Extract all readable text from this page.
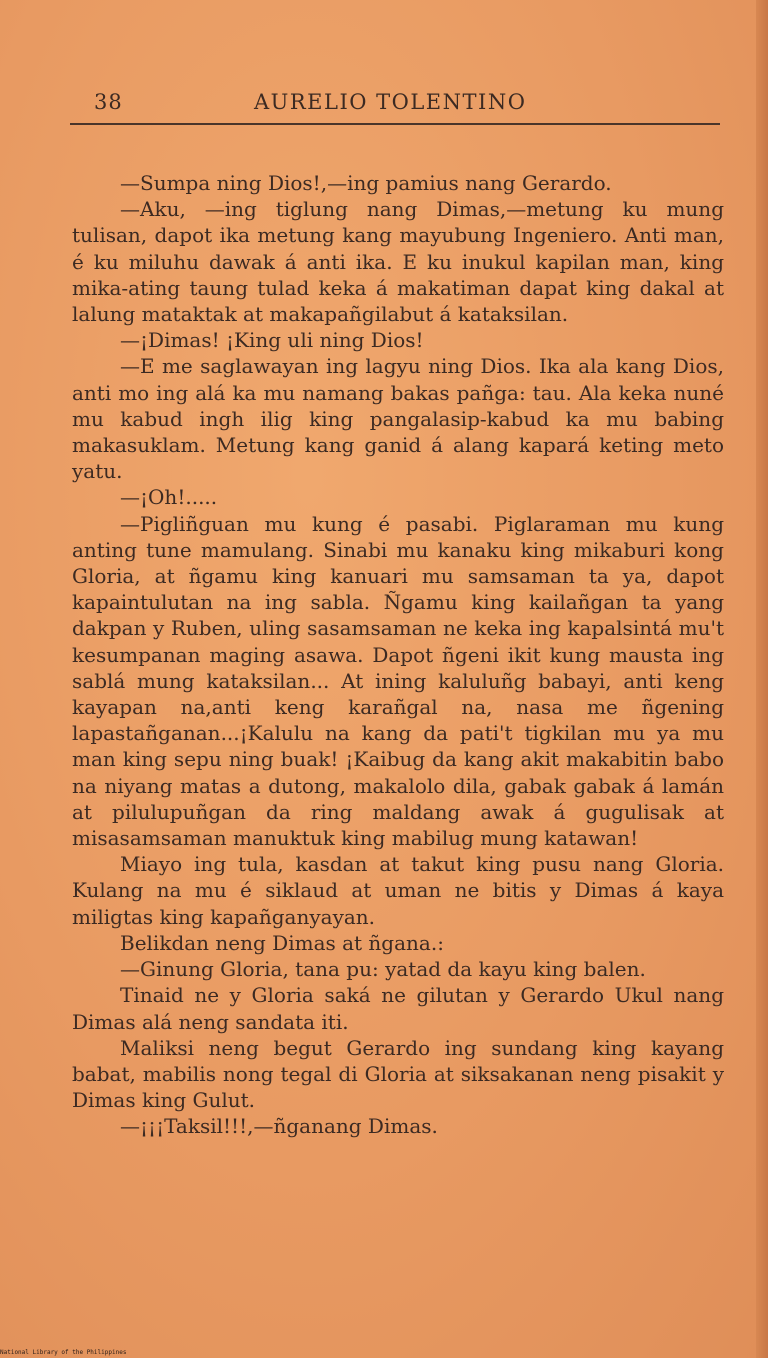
38	AURELIO TOLENTINO

—Sumpa ning Dios!,—ing pamius nang Gerardo.

—Aku, —ing tiglung nang Dimas,—metung ku mung tulisan, dapot ika metung kang mayubung Ingeniero. Anti man, é ku miluhu dawak á anti ika. E ku inukul kapilan man, king mika-ating taung tulad keka á makatiman dapat king dakal at lalung mataktak at makapañgilabut á kataksilan.

—¡Dimas! ¡King uli ning Dios!

—E me saglawayan ing lagyu ning Dios. Ika ala kang Dios, anti mo ing alá ka mu namang bakas pañga: tau. Ala keka nuné mu kabud ingh ilig king pangalasip-kabud ka mu babing makasuklam. Metung kang ganid á alang kapará keting meto yatu.

—¡Oh!.....

—Pigliñguan mu kung é pasabi. Piglaraman mu kung anting tune mamulang. Sinabi mu kanaku king mikaburi kong Gloria, at ñgamu king kanuari mu samsaman ta ya, dapot kapaintulutan na ing sabla. Ñgamu king kailañgan ta yang dakpan y Ruben, uling sasamsaman ne keka ing kapalsintá mu't kesumpanan maging asawa. Dapot ñgeni ikit kung mausta ing sablá mung kataksilan... At ining kaluluñg babayi, anti keng kayapan na,anti keng karañgal na, nasa me ñgening lapastañganan...¡Kalulu na kang da pati't tigkilan mu ya mu man king sepu ning buak! ¡Kaibug da kang akit makabitin babo na niyang matas a dutong, makalolo dila, gabak gabak á lamán at pilulupuñgan da ring maldang awak á gugulisak at misasamsaman manuktuk king mabilug mung katawan!

Miayo ing tula, kasdan at takut king pusu nang Gloria. Kulang na mu é siklaud at uman ne bitis y Dimas á kaya miligtas king kapañganyayan.

Belikdan neng Dimas at ñgana.:

—Ginung Gloria, tana pu: yatad da kayu king balen.

Tinaid ne y Gloria saká ne gilutan y Gerardo Ukul nang Dimas alá neng sandata iti.

Maliksi neng begut Gerardo ing sundang king kayang babat, mabilis nong tegal di Gloria at siksakanan neng pisakit y Dimas king Gulut.

—¡¡¡Taksil!!!,—ñganang Dimas.

National Library of the Philippines
